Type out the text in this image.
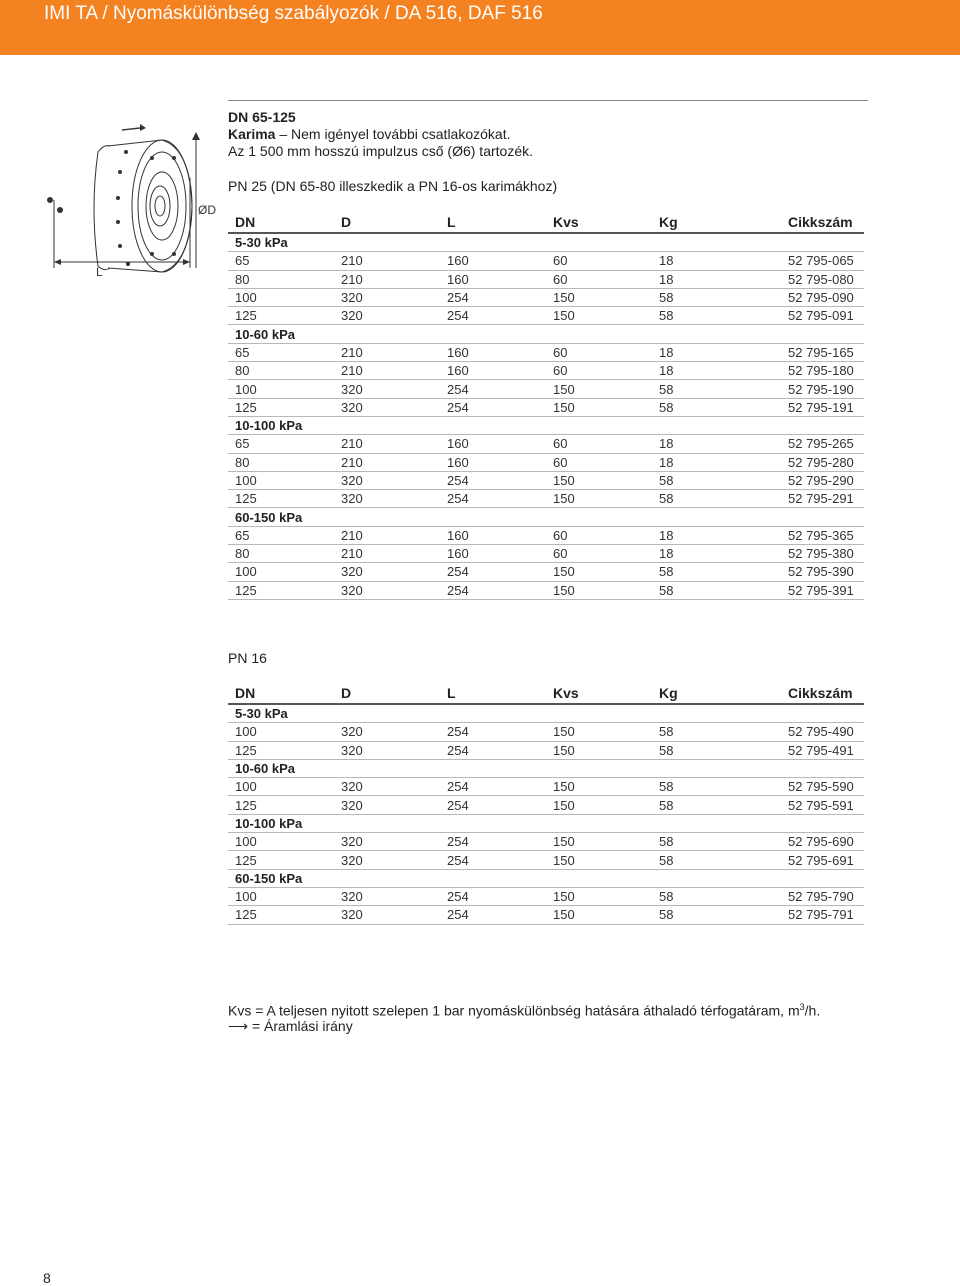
IMI TA / Nyomáskülönbség szabályozók / DA 516, DAF 516
ØD
L
DN 65-125
Karima – Nem igényel további csatlakozókat.
Az 1 500 mm hosszú impulzus cső (Ø6) tartozék.
PN 25 (DN 65-80 illeszkedik a PN 16-os karimákhoz)
DN	D	L	Kvs	Kg	Cikkszám
5-30 kPa					
65	210	160	60	18	52 795-065
80	210	160	60	18	52 795-080
100	320	254	150	58	52 795-090
125	320	254	150	58	52 795-091
10-60 kPa					
65	210	160	60	18	52 795-165
80	210	160	60	18	52 795-180
100	320	254	150	58	52 795-190
125	320	254	150	58	52 795-191
10-100 kPa					
65	210	160	60	18	52 795-265
80	210	160	60	18	52 795-280
100	320	254	150	58	52 795-290
125	320	254	150	58	52 795-291
60-150 kPa					
65	210	160	60	18	52 795-365
80	210	160	60	18	52 795-380
100	320	254	150	58	52 795-390
125	320	254	150	58	52 795-391
PN 16
DN	D	L	Kvs	Kg	Cikkszám
5-30 kPa					
100	320	254	150	58	52 795-490
125	320	254	150	58	52 795-491
10-60 kPa					
100	320	254	150	58	52 795-590
125	320	254	150	58	52 795-591
10-100 kPa					
100	320	254	150	58	52 795-690
125	320	254	150	58	52 795-691
60-150 kPa					
100	320	254	150	58	52 795-790
125	320	254	150	58	52 795-791
Kvs = A teljesen nyitott szelepen 1 bar nyomáskülönbség hatására áthaladó térfogatáram, $m^3/h$.
⟶ = Áramlási irány
8
